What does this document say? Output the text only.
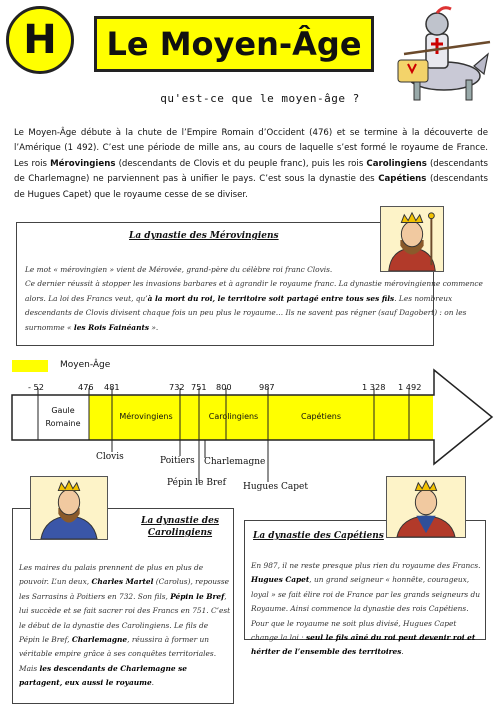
H Le Moyen-Âge
qu'est-ce que le moyen-âge ?
Le Moyen-Âge débute à la chute de l’Empire Romain d’Occident (476) et se termine à la découverte de l’Amérique (1 492). C’est une période de mille ans, au cours de laquelle s’est formé le royaume de France. Les rois Mérovingiens (descendants de Clovis et du peuple franc), puis les rois Carolingiens (descendants de Charlemagne) ne parviennent pas à unifier le pays. C’est sous la dynastie des Capétiens (descendants de Hugues Capet) que le royaume cesse de se diviser.
La dynastie des Mérovingiens
Le mot « mérovingien » vient de Mérovée, grand-père du célèbre roi franc Clovis.
Ce dernier réussit à stopper les invasions barbares et à agrandir le royaume franc. La dynastie mérovingienne commence alors. La loi des Francs veut, qu’à la mort du roi, le territoire soit partagé entre tous ses fils. Les nombreux descendants de Clovis divisent chaque fois un peu plus le royaume… Ils ne savent pas régner (sauf Dagobert) : on les surnomme « les Rois Fainéants ».
Moyen-Âge
- 52	476 481	732 751 800	987	1 328 1 492
Gaule Romaine
Mérovingiens	Carolingiens	Capétiens
Clovis	Poitiers Charlemagne
Pépin le Bref Hugues Capet
La dynastie des
Carolingiens
Les maires du palais prennent de plus en plus de pouvoir. L’un deux, Charles Martel (Carolus), repousse les Sarrasins à Poitiers en 732. Son fils, Pépin le Bref, lui succède et se fait sacrer roi des Francs en 751. C’est le début de la dynastie des Carolingiens. Le fils de Pépin le Bref, Charlemagne, réussira à former un véritable empire grâce à ses conquêtes territoriales. Mais les descendants de Charlemagne se partagent, eux aussi le royaume.
La dynastie des Capétiens
En 987, il ne reste presque plus rien du royaume des Francs. Hugues Capet, un grand seigneur « honnête, courageux, loyal » se fait élire roi de France par les grands seigneurs du Royaume. Ainsi commence la dynastie des rois Capétiens.
Pour que le royaume ne soit plus divisé, Hugues Capet change la loi : seul le fils aîné du roi peut devenir roi et hériter de l’ensemble des territoires.
